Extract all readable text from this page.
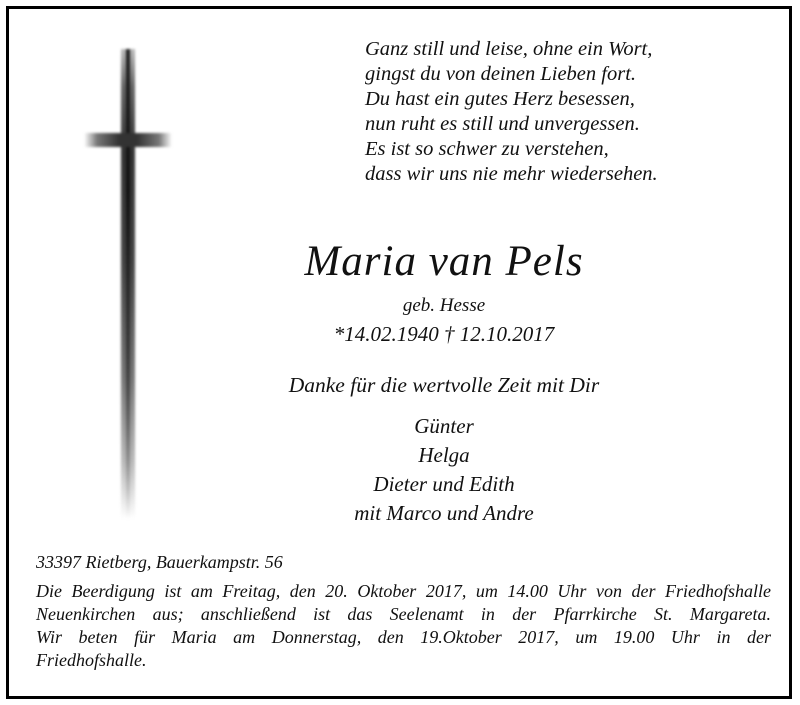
Ganz still und leise, ohne ein Wort,
gingst du von deinen Lieben fort.
Du hast ein gutes Herz besessen,
nun ruht es still und unvergessen.
Es ist so schwer zu verstehen,
dass wir uns nie mehr wiedersehen.
Maria van Pels
geb. Hesse
*14.02.1940 † 12.10.2017
Danke für die wertvolle Zeit mit Dir
Günter
Helga
Dieter und Edith
mit Marco und Andre
33397 Rietberg, Bauerkampstr. 56

Die Beerdigung ist am Freitag, den 20. Oktober 2017, um 14.00 Uhr von der Friedhofshalle
Neuenkirchen aus; anschließend ist das Seelenamt in der Pfarrkirche St. Margareta.
Wir beten für Maria am Donnerstag, den 19.Oktober 2017, um 19.00 Uhr in der
Friedhofshalle.
